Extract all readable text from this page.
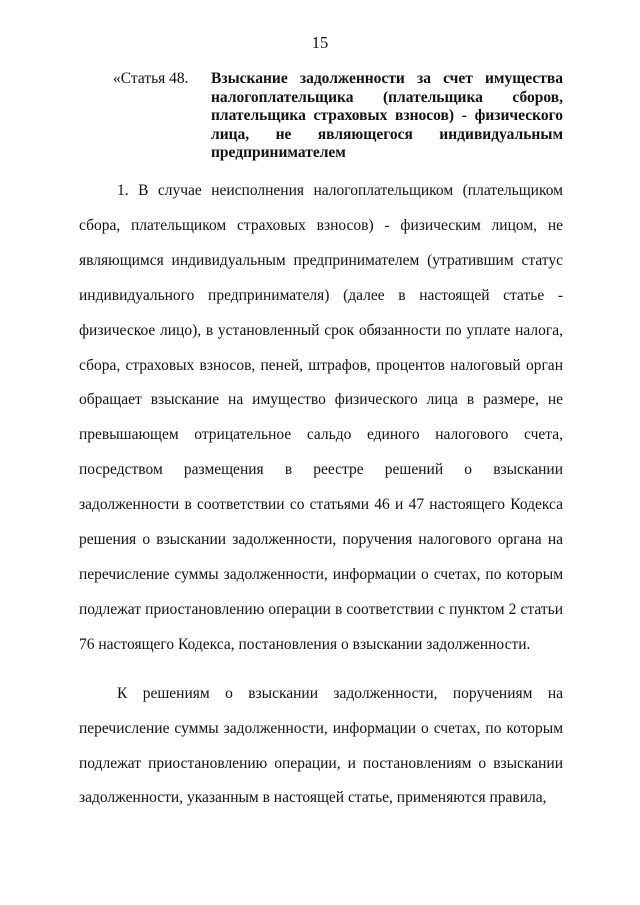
15
«Статья 48.	Взыскание задолженности за счет имущества налогоплательщика (плательщика сборов, плательщика страховых взносов) - физического лица, не являющегося индивидуальным предпринимателем

1. В случае неисполнения налогоплательщиком (плательщиком сбора, плательщиком страховых взносов) - физическим лицом, не являющимся индивидуальным предпринимателем (утратившим статус индивидуального предпринимателя) (далее в настоящей статье - физическое лицо), в установленный срок обязанности по уплате налога, сбора, страховых взносов, пеней, штрафов, процентов налоговый орган обращает взыскание на имущество физического лица в размере, не превышающем отрицательное сальдо единого налогового счета, посредством размещения в реестре решений о взыскании задолженности в соответствии со статьями 46 и 47 настоящего Кодекса решения о взыскании задолженности, поручения налогового органа на перечисление суммы задолженности, информации о счетах, по которым подлежат приостановлению операции в соответствии с пунктом 2 статьи 76 настоящего Кодекса, постановления о взыскании задолженности.

К решениям о взыскании задолженности, поручениям на перечисление суммы задолженности, информации о счетах, по которым подлежат приостановлению операции, и постановлениям о взыскании задолженности, указанным в настоящей статье, применяются правила,
